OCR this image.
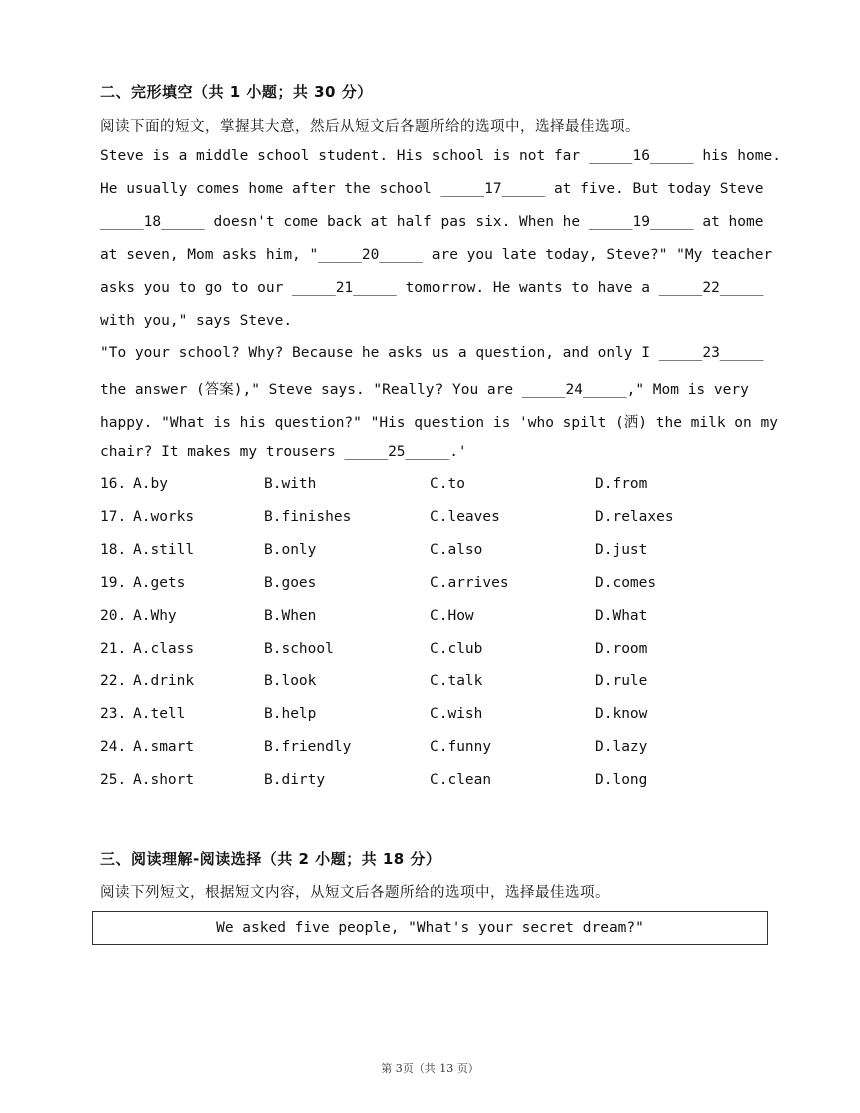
二、完形填空（共 1 小题；共 30 分）
阅读下面的短文，掌握其大意，然后从短文后各题所给的选项中，选择最佳选项。
Steve is a middle school student. His school is not far _____16_____ his home.
He usually comes home after the school _____17_____ at five. But today Steve
_____18_____ doesn't come back at half pas six. When he _____19_____ at home
at seven, Mom asks him, "_____20_____ are you late today, Steve?" "My teacher
asks you to go to our _____21_____ tomorrow. He wants to have a _____22_____
with you," says Steve.
"To your school? Why? Because he asks us a question, and only I _____23_____
the answer (答案)," Steve says. "Really? You are _____24_____," Mom is very
happy. "What is his question?" "His question is 'who spilt (洒) the milk on my
chair? It makes my trousers _____25_____.'
16. A.by	B.with	C.to	D.from
17. A.works	B.finishes	C.leaves	D.relaxes
18. A.still	B.only	C.also	D.just
19. A.gets	B.goes	C.arrives	D.comes
20. A.Why	B.When	C.How	D.What
21. A.class	B.school	C.club	D.room
22. A.drink	B.look	C.talk	D.rule
23. A.tell	B.help	C.wish	D.know
24. A.smart	B.friendly	C.funny	D.lazy
25. A.short	B.dirty	C.clean	D.long
三、阅读理解-阅读选择（共 2 小题；共 18 分）
阅读下列短文，根据短文内容，从短文后各题所给的选项中，选择最佳选项。
We asked five people, "What's your secret dream?"
第 3页（共 13 页）
